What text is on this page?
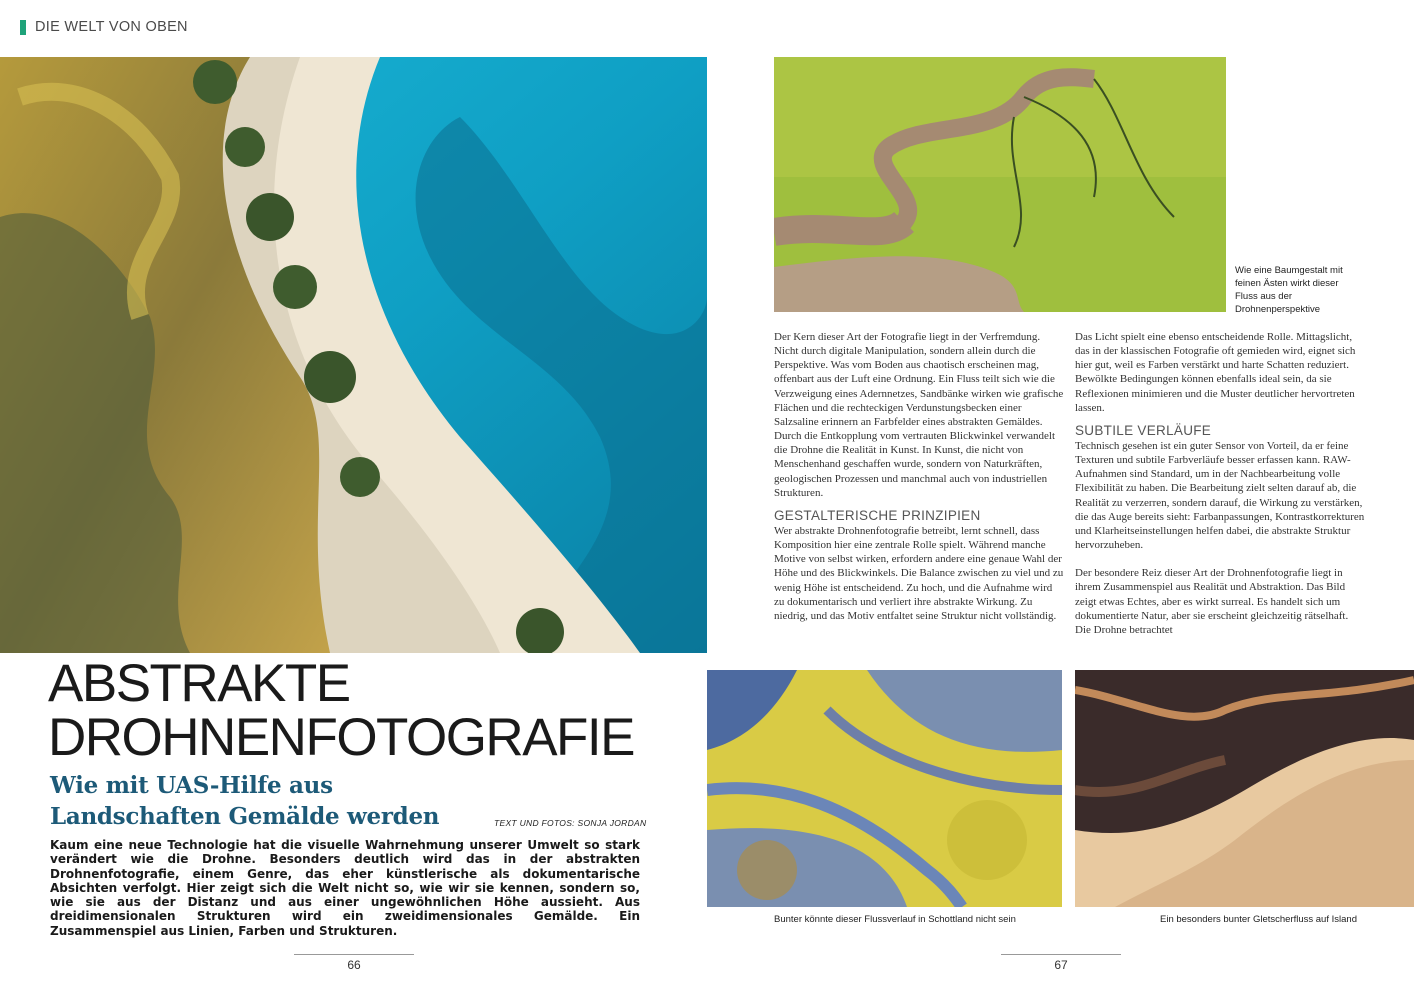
DIE WELT VON OBEN
Wie eine Baumgestalt mit feinen Ästen wirkt dieser Fluss aus der Drohnenperspektive

Der Kern dieser Art der Fotografie liegt in der Verfremdung. Nicht durch digitale Manipulation, sondern allein durch die Perspektive. Was vom Boden aus chaotisch erscheinen mag, offenbart aus der Luft eine Ordnung. Ein Fluss teilt sich wie die Verzweigung eines Adernnetzes, Sandbänke wirken wie grafische Flächen und die rechteckigen Verdunstungsbecken einer Salzsaline erinnern an Farbfelder eines abstrakten Gemäldes. Durch die Entkopplung vom vertrauten Blickwinkel verwandelt die Drohne die Realität in Kunst. In Kunst, die nicht von Menschenhand geschaffen wurde, sondern von Naturkräften, geologischen Prozessen und manchmal auch von industriellen Strukturen.

GESTALTERISCHE PRINZIPIEN

Wer abstrakte Drohnenfotografie betreibt, lernt schnell, dass Komposition hier eine zentrale Rolle spielt. Während manche Motive von selbst wirken, erfordern andere eine genaue Wahl der Höhe und des Blickwinkels. Die Balance zwischen zu viel und zu wenig Höhe ist entscheidend. Zu hoch, und die Aufnahme wird zu dokumentarisch und verliert ihre abstrakte Wirkung. Zu niedrig, und das Motiv entfaltet seine Struktur nicht vollständig.

Das Licht spielt eine ebenso entscheidende Rolle. Mittagslicht, das in der klassischen Fotografie oft gemieden wird, eignet sich hier gut, weil es Farben verstärkt und harte Schatten reduziert. Bewölkte Bedingungen können ebenfalls ideal sein, da sie Reflexionen minimieren und die Muster deutlicher hervortreten lassen.

SUBTILE VERLÄUFE

Technisch gesehen ist ein guter Sensor von Vorteil, da er feine Texturen und subtile Farbverläufe besser erfassen kann. RAW-Aufnahmen sind Standard, um in der Nachbearbeitung volle Flexibilität zu haben. Die Bearbeitung zielt selten darauf ab, die Realität zu verzerren, sondern darauf, die Wirkung zu verstärken, die das Auge bereits sieht: Farbanpassungen, Kontrastkorrekturen und Klarheitseinstellungen helfen dabei, die abstrakte Struktur hervorzuheben.

Der besondere Reiz dieser Art der Drohnenfotografie liegt in ihrem Zusammenspiel aus Realität und Abstraktion. Das Bild zeigt etwas Echtes, aber es wirkt surreal. Es handelt sich um dokumentierte Natur, aber sie erscheint gleichzeitig rätselhaft. Die Drohne betrachtet

Bunter könnte dieser Flussverlauf in Schottland nicht sein	Ein besonders bunter Gletscherfluss auf Island
ABSTRAKTE
DROHNENFOTOGRAFIE
Wie mit UAS-Hilfe aus
Landschaften Gemälde werden	TEXT UND FOTOS: SONJA JORDAN

Kaum eine neue Technologie hat die visuelle Wahrnehmung unserer Umwelt so stark verändert wie die Drohne. Besonders deutlich wird das in der abstrakten Drohnenfotografie, einem Genre, das eher künstlerische als dokumentarische Absichten verfolgt. Hier zeigt sich die Welt nicht so, wie wir sie kennen, sondern so, wie sie aus der Distanz und aus einer ungewöhnlichen Höhe aussieht. Aus dreidimensionalen Strukturen wird ein zweidimensionales Gemälde. Ein Zusammenspiel aus Linien, Farben und Strukturen.

66	67
